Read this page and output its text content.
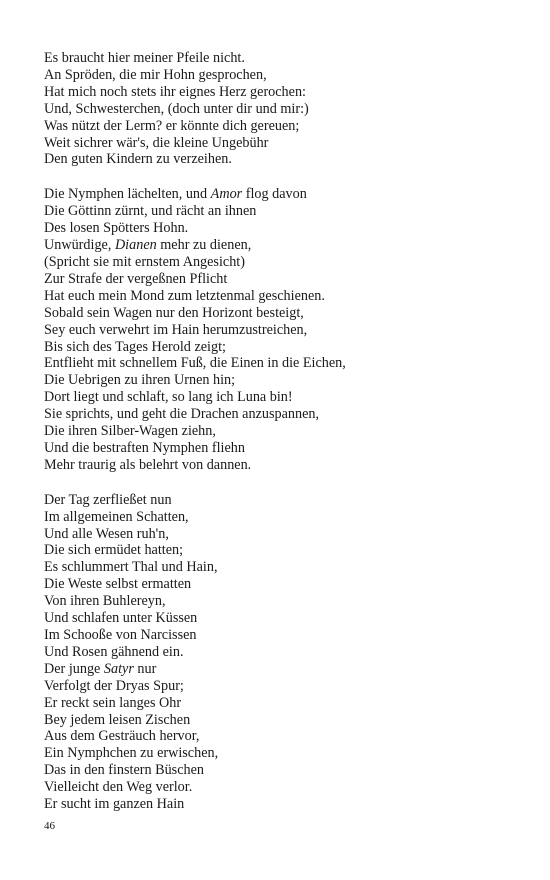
Es braucht hier meiner Pfeile nicht.
An Spröden, die mir Hohn gesprochen,
Hat mich noch stets ihr eignes Herz gerochen:
Und, Schwesterchen, (doch unter dir und mir:)
Was nützt der Lerm? er könnte dich gereuen;
Weit sichrer wär's, die kleine Ungebühr
Den guten Kindern zu verzeihen.
Die Nymphen lächelten, und Amor flog davon
Die Göttinn zürnt, und rächt an ihnen
Des losen Spötters Hohn.
Unwürdige, Dianen mehr zu dienen,
(Spricht sie mit ernstem Angesicht)
Zur Strafe der vergeßnen Pflicht
Hat euch mein Mond zum letztenmal geschienen.
Sobald sein Wagen nur den Horizont besteigt,
Sey euch verwehrt im Hain herumzustreichen,
Bis sich des Tages Herold zeigt;
Entflieht mit schnellem Fuß, die Einen in die Eichen,
Die Uebrigen zu ihren Urnen hin;
Dort liegt und schlaft, so lang ich Luna bin!
Sie sprichts, und geht die Drachen anzuspannen,
Die ihren Silber-Wagen ziehn,
Und die bestraften Nymphen fliehn
Mehr traurig als belehrt von dannen.
Der Tag zerfließet nun
Im allgemeinen Schatten,
Und alle Wesen ruh'n,
Die sich ermüdet hatten;
Es schlummert Thal und Hain,
Die Weste selbst ermatten
Von ihren Buhlereyn,
Und schlafen unter Küssen
Im Schooße von Narcissen
Und Rosen gähnend ein.
Der junge Satyr nur
Verfolgt der Dryas Spur;
Er reckt sein langes Ohr
Bey jedem leisen Zischen
Aus dem Gesträuch hervor,
Ein Nymphchen zu erwischen,
Das in den finstern Büschen
Vielleicht den Weg verlor.
Er sucht im ganzen Hain
46
